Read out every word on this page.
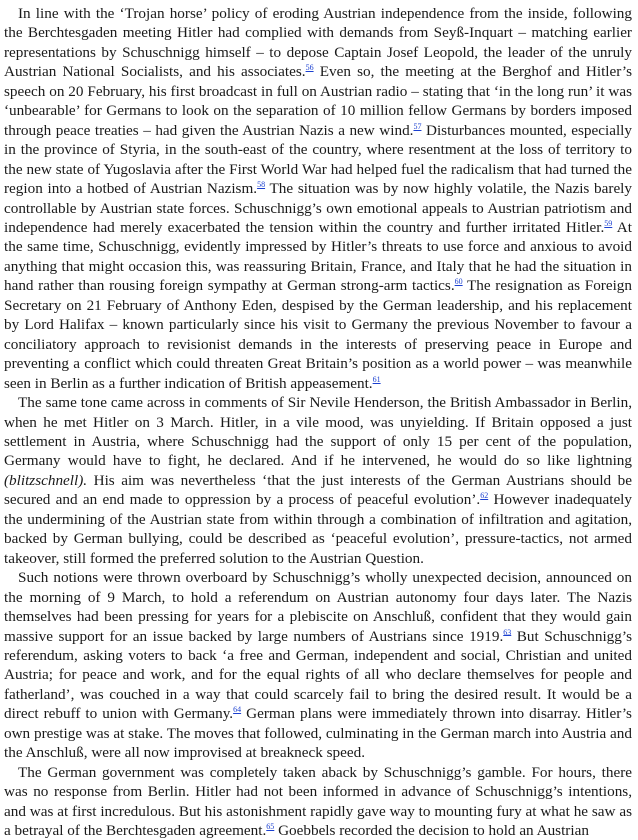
In line with the ‘Trojan horse’ policy of eroding Austrian independence from the inside, following the Berchtesgaden meeting Hitler had complied with demands from Seyß-Inquart – matching earlier representations by Schuschnigg himself – to depose Captain Josef Leopold, the leader of the unruly Austrian National Socialists, and his associates.$^{56}$ Even so, the meeting at the Berghof and Hitler’s speech on 20 February, his first broadcast in full on Austrian radio – stating that ‘in the long run’ it was ‘unbearable’ for Germans to look on the separation of 10 million fellow Germans by borders imposed through peace treaties – had given the Austrian Nazis a new wind.$^{57}$ Disturbances mounted, especially in the province of Styria, in the south-east of the country, where resentment at the loss of territory to the new state of Yugoslavia after the First World War had helped fuel the radicalism that had turned the region into a hotbed of Austrian Nazism.$^{58}$ The situation was by now highly volatile, the Nazis barely controllable by Austrian state forces. Schuschnigg’s own emotional appeals to Austrian patriotism and independence had merely exacerbated the tension within the country and further irritated Hitler.$^{59}$ At the same time, Schuschnigg, evidently impressed by Hitler’s threats to use force and anxious to avoid anything that might occasion this, was reassuring Britain, France, and Italy that he had the situation in hand rather than rousing foreign sympathy at German strong-arm tactics.$^{60}$ The resignation as Foreign Secretary on 21 February of Anthony Eden, despised by the German leadership, and his replacement by Lord Halifax – known particularly since his visit to Germany the previous November to favour a conciliatory approach to revisionist demands in the interests of preserving peace in Europe and preventing a conflict which could threaten Great Britain’s position as a world power – was meanwhile seen in Berlin as a further indication of British appeasement.$^{61}$

The same tone came across in comments of Sir Nevile Henderson, the British Ambassador in Berlin, when he met Hitler on 3 March. Hitler, in a vile mood, was unyielding. If Britain opposed a just settlement in Austria, where Schuschnigg had the support of only 15 per cent of the population, Germany would have to fight, he declared. And if he intervened, he would do so like lightning (blitzschnell). His aim was nevertheless ‘that the just interests of the German Austrians should be secured and an end made to oppression by a process of peaceful evolution’.$^{62}$ However inadequately the undermining of the Austrian state from within through a combination of infiltration and agitation, backed by German bullying, could be described as ‘peaceful evolution’, pressure-tactics, not armed takeover, still formed the preferred solution to the Austrian Question.

Such notions were thrown overboard by Schuschnigg’s wholly unexpected decision, announced on the morning of 9 March, to hold a referendum on Austrian autonomy four days later. The Nazis themselves had been pressing for years for a plebiscite on Anschluß, confident that they would gain massive support for an issue backed by large numbers of Austrians since 1919.63 But Schuschnigg’s referendum, asking voters to back ‘a free and German, independent and social, Christian and united Austria; for peace and work, and for the equal rights of all who declare themselves for people and fatherland’, was couched in a way that could scarcely fail to bring the desired result. It would be a direct rebuff to union with Germany.$^{64}$ German plans were immediately thrown into disarray. Hitler’s own prestige was at stake. The moves that followed, culminating in the German march into Austria and the Anschluß, were all now improvised at breakneck speed.

The German government was completely taken aback by Schuschnigg’s gamble. For hours, there was no response from Berlin. Hitler had not been informed in advance of Schuschnigg’s intentions, and was at first incredulous. But his astonishment rapidly gave way to mounting fury at what he saw as a betrayal of the Berchtesgaden agreement.$^{65}$ Goebbels recorded the decision to hold an Austrian
